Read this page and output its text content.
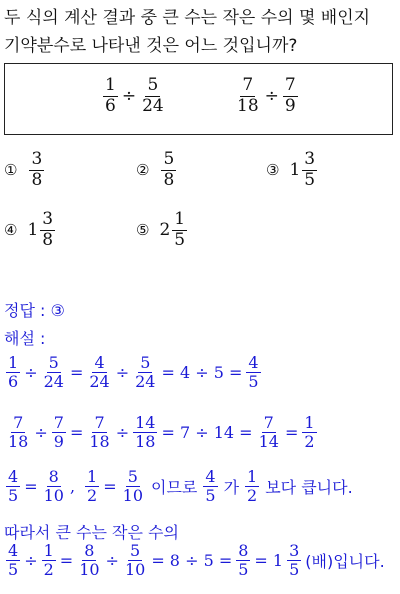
두 식의 계산 결과 중 큰 수는 작은 수의 몇 배인지
기약분수로 나타낸 것은 어느 것입니까?
$\frac{1}{6} \div \frac{5}{24}$	$\frac{7}{18} \div \frac{7}{9}$
① $\frac{3}{8}$	② $\frac{5}{8}$	③ $1 \frac{3}{5}$
④ $1 \frac{3}{8}$	⑤ $2 \frac{1}{5}$
정답 : ③
해설 :
$\frac{1}{6} \div \frac{5}{24} = \frac{4}{24} \div \frac{5}{24} = 4 \div 5 = \frac{4}{5}$
$\frac{7}{18} \div \frac{7}{9} = \frac{7}{18} \div \frac{14}{18} = 7 \div 14 = \frac{7}{14} = \frac{1}{2}$
$\frac{4}{5} = \frac{8}{10}$ , $\frac{1}{2} = \frac{5}{10}$ 이므로 $\frac{4}{5}$ 가 $\frac{1}{2}$ 보다 큽니다.
따라서 큰 수는 작은 수의
$\frac{4}{5} \div \frac{1}{2} = \frac{8}{10} \div \frac{5}{10} = 8 \div 5 = \frac{8}{5} = 1 \frac{3}{5}$ (배)입니다.
